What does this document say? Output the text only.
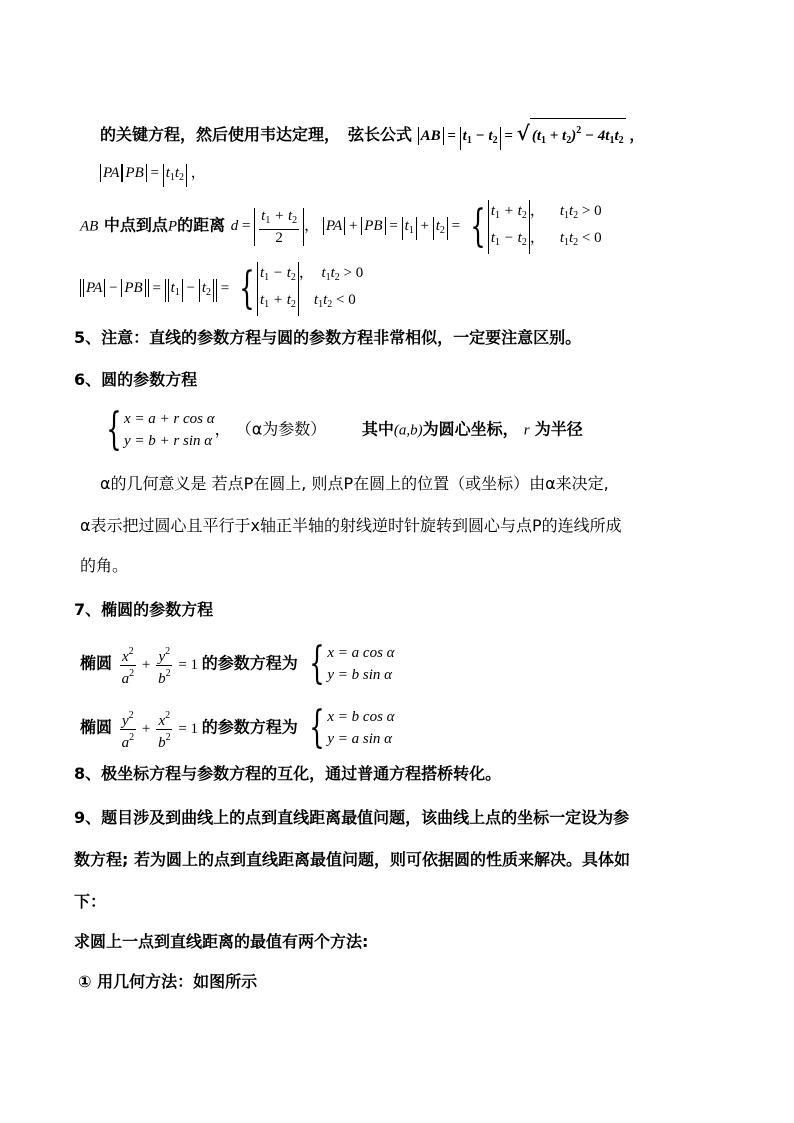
的关键方程，然后使用韦达定理，　弦长公式 AB = $t_1 - t_2$ = √ $(t_1 + t_2)^2 - 4t_1t_2$ ，
PA PB = $t_1t_2$ ，
AB 中点到点P的距离 $d = \frac{t_1 + t_2}{2}$ ， PA + PB = $t_1 + t_2$ = { $t_1 + t_2$ ，    $t_1t_2 > 0$
$t_1 - t_2$ ，    $t_1t_2 < 0$
PA − PB = $t_1 - t_2$ = { $t_1 - t_2$ ，  $t_1t_2 > 0$
$t_1 + t_2$ $t_1t_2 < 0$
5、注意：直线的参数方程与圆的参数方程非常相似，一定要注意区别。
6、圆的参数方程
{ x = a + r cos α
y = b + r sin α
， （α为参数） 其中(a,b)为圆心坐标， r 为半径
α的几何意义是 若点P在圆上, 则点P在圆上的位置（或坐标）由α来决定,
α表示把过圆心且平行于x轴正半轴的射线逆时针旋转到圆心与点P的连线所成
的角。
7、椭圆的参数方程
椭圆 $\frac{x^2}{a^2} + \frac{y^2}{b^2} = 1$ 的参数方程为 { x = a cos α
y = b sin α
椭圆 $\frac{y^2}{a^2} + \frac{x^2}{b^2} = 1$ 的参数方程为 { x = b cos α
y = a sin α
8、极坐标方程与参数方程的互化，通过普通方程搭桥转化。
9、题目涉及到曲线上的点到直线距离最值问题，该曲线上点的坐标一定设为参
数方程; 若为圆上的点到直线距离最值问题，则可依据圆的性质来解决。具体如
下：
求圆上一点到直线距离的最值有两个方法:
① 用几何方法：如图所示
